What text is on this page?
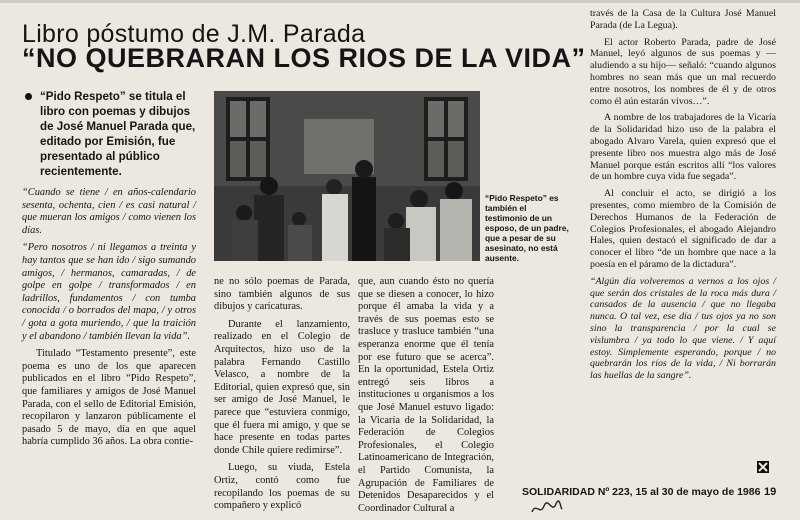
Libro póstumo de J.M. Parada
“NO QUEBRARAN LOS RIOS DE LA VIDA”
“Pido Respeto” se titula el libro con poemas y dibujos de José Manuel Parada que, editado por Emisión, fue presentado al público recientemente.

“Cuando se tiene / en años-calendario sesenta, ochenta, cien / es casi natural / que mueran los amigos / como vienen los días.

“Pero nosotros / ni llegamos a treinta y hay tantos que se han ido / sigo sumando amigos, / hermanos, camaradas, / de golpe en golpe / transformados / en ladrillos, fundamentos / con tumba conocida / o borrados del mapa, / y otros / gota a gota muriendo, / que la traición y el abandono / también llevan la vida”.

Titulado “Testamento presente”, este poema es uno de los que aparecen publicados en el libro “Pido Respeto”, que familiares y amigos de José Manuel Parada, con el sello de Editorial Emisión, recopilaron y lanzaron públicamente el pasado 5 de mayo, día en que aquel habría cumplido 36 años. La obra contie-

“Pido Respeto” es también el testimonio de un esposo, de un padre, que a pesar de su asesinato, no está ausente.

ne no sólo poemas de Parada, sino también algunos de sus dibujos y caricaturas.

Durante el lanzamiento, realizado en el Colegio de Arquitectos, hizo uso de la palabra Fernando Castillo Velasco, a nombre de la Editorial, quien expresó que, sin ser amigo de José Manuel, le parece que “estuviera conmigo, que él fuera mi amigo, y que se hace presente en todas partes donde Chile quiere redimirse”.

Luego, su viuda, Estela Ortiz, contó como fue recopilando los poemas de su compañero y explicó

que, aun cuando ésto no quería que se diesen a conocer, lo hizo porque él amaba la vida y a través de sus poemas esto se trasluce y trasluce también “una esperanza enorme que él tenía por ese futuro que se acerca”. En la oportunidad, Estela Ortiz entregó seis libros a instituciones u organismos a los que José Manuel estuvo ligado: la Vicaría de la Solidaridad, la Federación de Colegios Profesionales, el Colegio Latinoamericano de Integración, el Partido Comunista, la Agrupación de Familiares de Detenidos Desaparecidos y el Coordinador Cultural a

través de la Casa de la Cultura José Manuel Parada (de La Legua).

El actor Roberto Parada, padre de José Manuel, leyó algunos de sus poemas y —aludiendo a su hijo— señaló: “cuando algunos hombres no sean más que un mal recuerdo entre nosotros, los nombres de él y de otros como él aún estarán vivos…”.

A nombre de los trabajadores de la Vicaría de la Solidaridad hizo uso de la palabra el abogado Alvaro Varela, quien expresó que el presente libro nos muestra algo más de José Manuel porque están escritos allí “los valores de un hombre cuya vida fue segada”.

Al concluir el acto, se dirigió a los presentes, como miembro de la Comisión de Derechos Humanos de la Federación de Colegios Profesionales, el abogado Alejandro Hales, quien destacó el significado de dar a conocer el libro “de un hombre que nace a la poesía en el páramo de la dictadura”.

“Algún día volveremos a vernos a los ojos / que serán dos cristales de la roca más dura / cansados de la ausencia / que no llegaba nunca. O tal vez, ese día / tus ojos ya no son sino la transparencia / por la cual se vislumbra / ya todo lo que viene. / Y aquí estoy. Simplemente esperando, porque / no quebrarán los ríos de la vida, / Ni borrarán las huellas de la sangre”.

SOLIDARIDAD Nº 223, 15 al 30 de mayo de 1986 19
